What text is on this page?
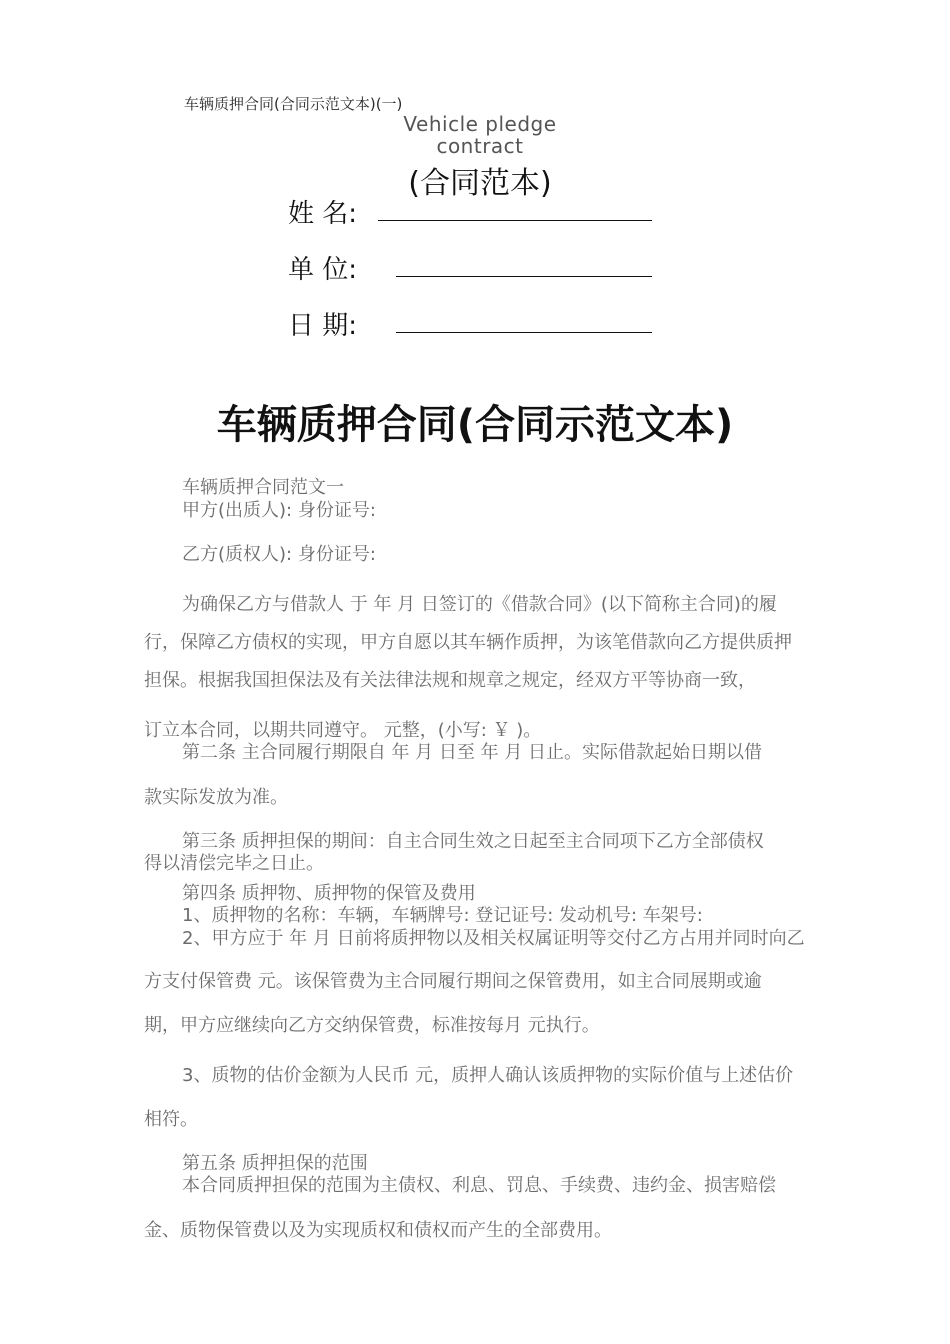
车辆质押合同(合同示范文本)(一)
Vehicle pledge
contract
(合同范本)
姓 名:
单 位:
日 期:
车辆质押合同(合同示范文本)
车辆质押合同范文一
甲方(出质人): 身份证号:
乙方(质权人): 身份证号:
为确保乙方与借款人 于 年 月 日签订的《借款合同》(以下简称主合同)的履
行，保障乙方债权的实现，甲方自愿以其车辆作质押，为该笔借款向乙方提供质押
担保。根据我国担保法及有关法律法规和规章之规定，经双方平等协商一致，
订立本合同，以期共同遵守。 元整，(小写: ￥ )。
第二条 主合同履行期限自 年 月 日至 年 月 日止。实际借款起始日期以借
款实际发放为准。
第三条 质押担保的期间：自主合同生效之日起至主合同项下乙方全部债权
得以清偿完毕之日止。
第四条 质押物、质押物的保管及费用
1、质押物的名称：车辆，车辆牌号: 登记证号: 发动机号: 车架号:
2、甲方应于 年 月 日前将质押物以及相关权属证明等交付乙方占用并同时向乙
方支付保管费 元。该保管费为主合同履行期间之保管费用，如主合同展期或逾
期，甲方应继续向乙方交纳保管费，标准按每月 元执行。
3、质物的估价金额为人民币 元，质押人确认该质押物的实际价值与上述估价
相符。
第五条 质押担保的范围
本合同质押担保的范围为主债权、利息、罚息、手续费、违约金、损害赔偿
金、质物保管费以及为实现质权和债权而产生的全部费用。
